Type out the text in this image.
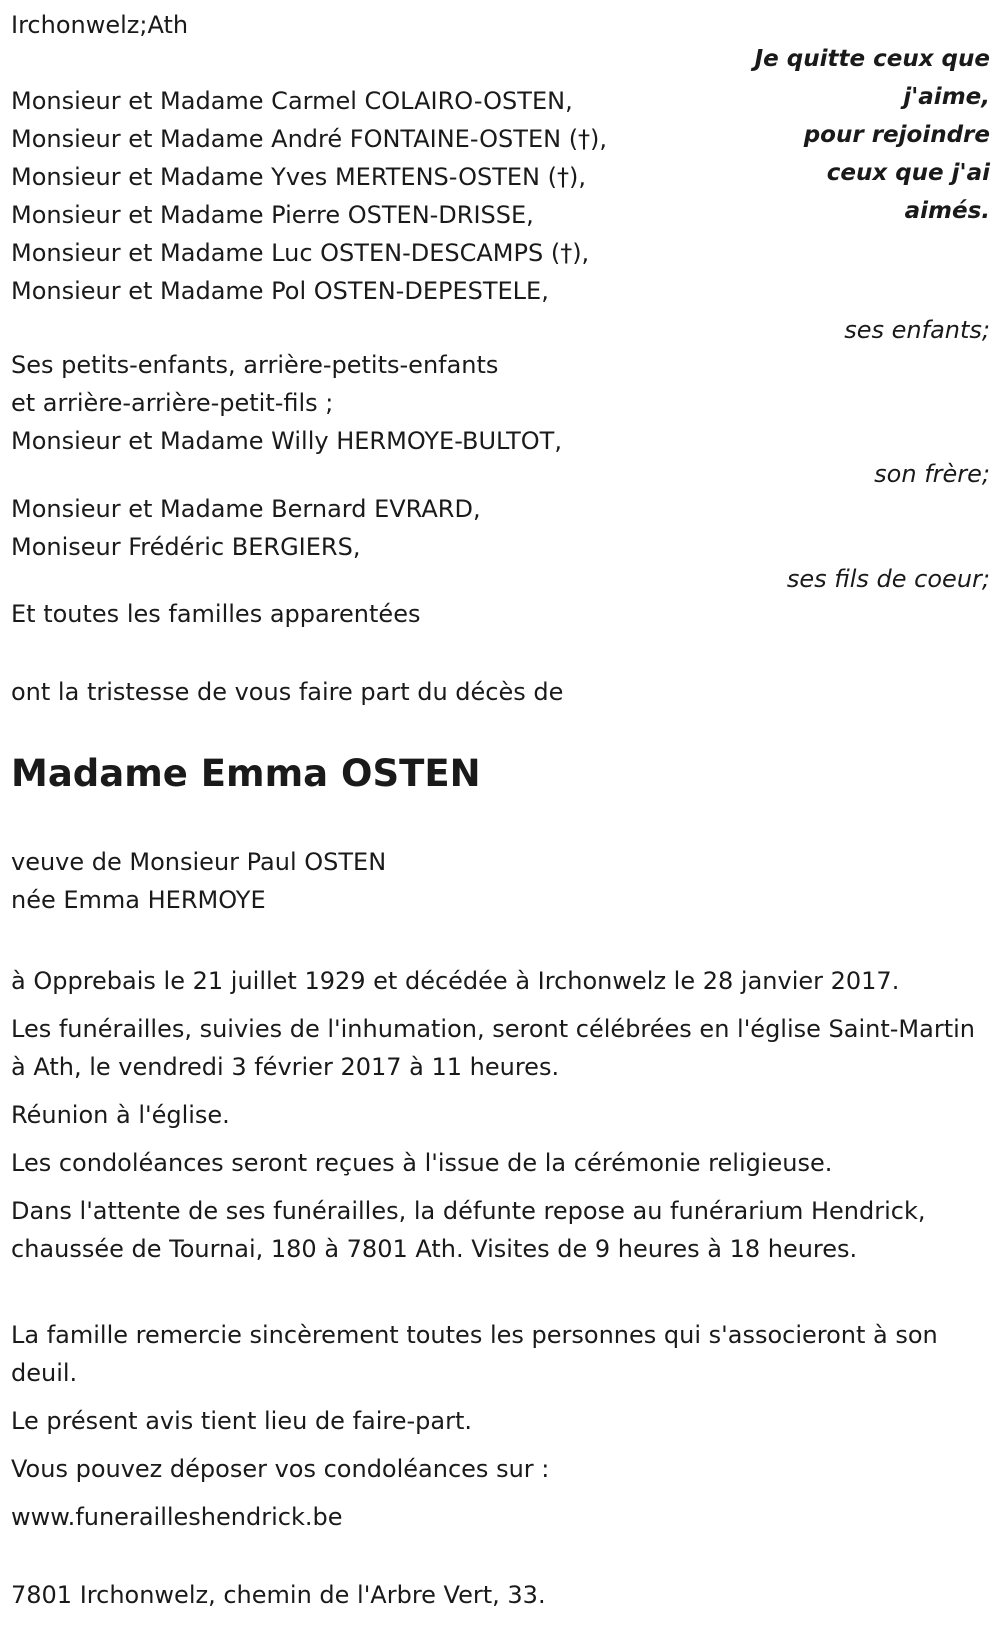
Irchonwelz;Ath
Je quitte ceux que
j'aime,
pour rejoindre
ceux que j'ai
aimés.
Monsieur et Madame Carmel COLAIRO-OSTEN,
Monsieur et Madame André FONTAINE-OSTEN (†),
Monsieur et Madame Yves MERTENS-OSTEN (†),
Monsieur et Madame Pierre OSTEN-DRISSE,
Monsieur et Madame Luc OSTEN-DESCAMPS (†),
Monsieur et Madame Pol OSTEN-DEPESTELE,
ses enfants;
Ses petits-enfants, arrière-petits-enfants
et arrière-arrière-petit-fils ;
Monsieur et Madame Willy HERMOYE-BULTOT,
son frère;
Monsieur et Madame Bernard EVRARD,
Moniseur Frédéric BERGIERS,
ses fils de coeur;
Et toutes les familles apparentées
ont la tristesse de vous faire part du décès de
Madame Emma OSTEN
veuve de Monsieur Paul OSTEN
née Emma HERMOYE
à Opprebais le 21 juillet 1929 et décédée à Irchonwelz le 28 janvier 2017.
Les funérailles, suivies de l'inhumation, seront célébrées en l'église Saint-Martin à Ath, le vendredi 3 février 2017 à 11 heures.
Réunion à l'église.
Les condoléances seront reçues à l'issue de la cérémonie religieuse.
Dans l'attente de ses funérailles, la défunte repose au funérarium Hendrick, chaussée de Tournai, 180 à 7801 Ath. Visites de 9 heures à 18 heures.
La famille remercie sincèrement toutes les personnes qui s'associeront à son deuil.
Le présent avis tient lieu de faire-part.
Vous pouvez déposer vos condoléances sur :
www.funerailleshendrick.be
7801 Irchonwelz, chemin de l'Arbre Vert, 33.
